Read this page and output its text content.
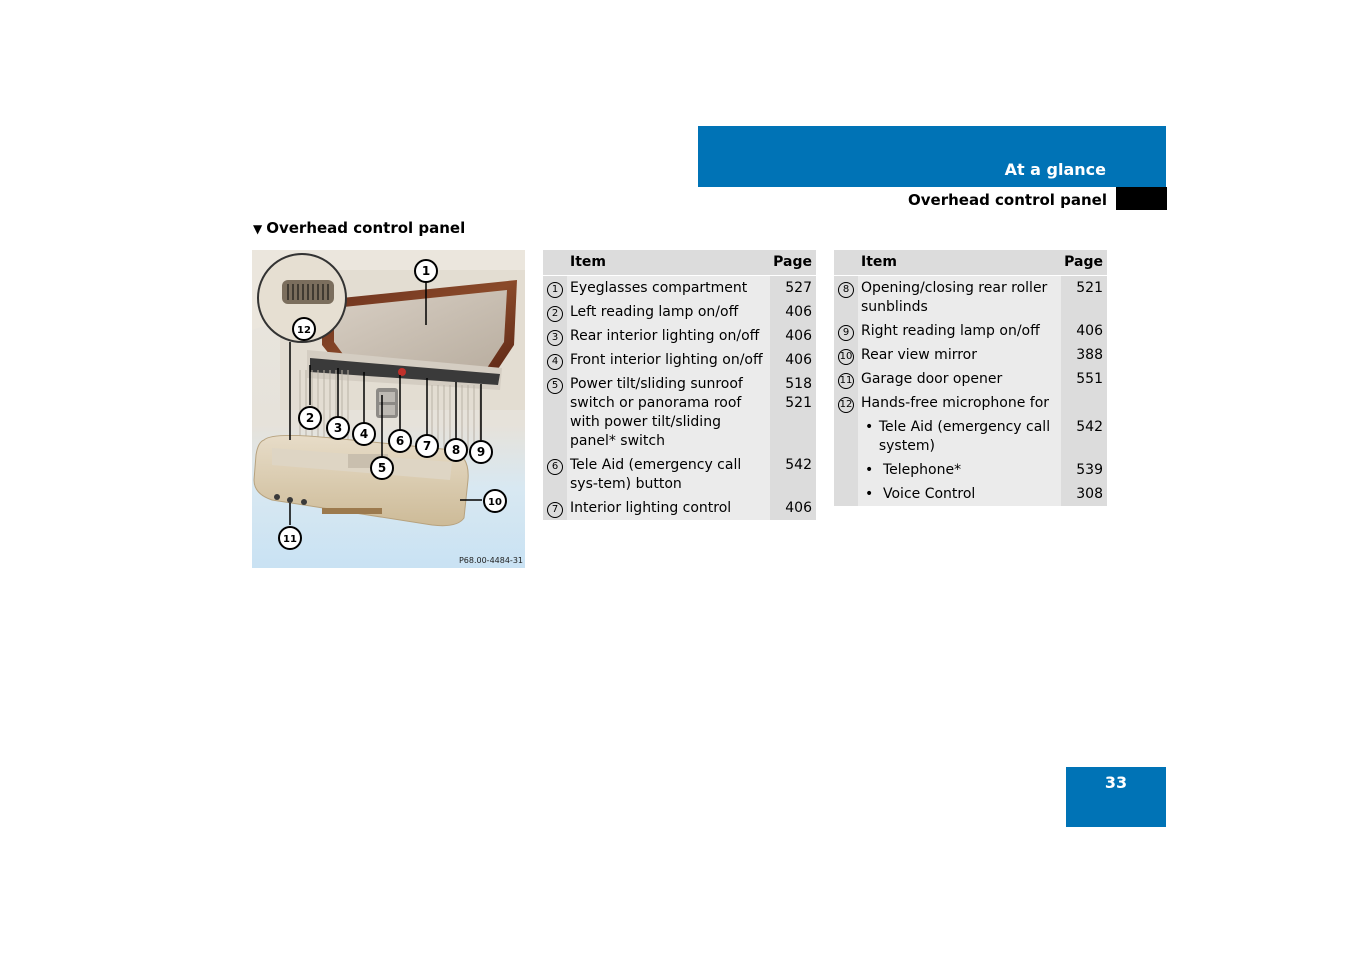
At a glance
Overhead control panel
▼ Overhead control panel
1
12
2
3 4
5
6 7 8 9
10
11
P68.00-4484-31
	Item	Page
1	Eyeglasses compartment	527
2	Left reading lamp on/off	406
3	Rear interior lighting on/off	406
4	Front interior lighting on/off	406
5	Power tilt/sliding sunroof switch or panorama roof with power tilt/sliding panel* switch	518
521
6	Tele Aid (emergency call sys-tem) button	542
7	Interior lighting control	406
	Item	Page
8	Opening/closing rear roller sunblinds	521
9	Right reading lamp on/off	406
10	Rear view mirror	388
11	Garage door opener	551
12	Hands-free microphone for	

	• Tele Aid (emergency call system)	542

	• Telephone*	539

	• Voice Control	308
33
